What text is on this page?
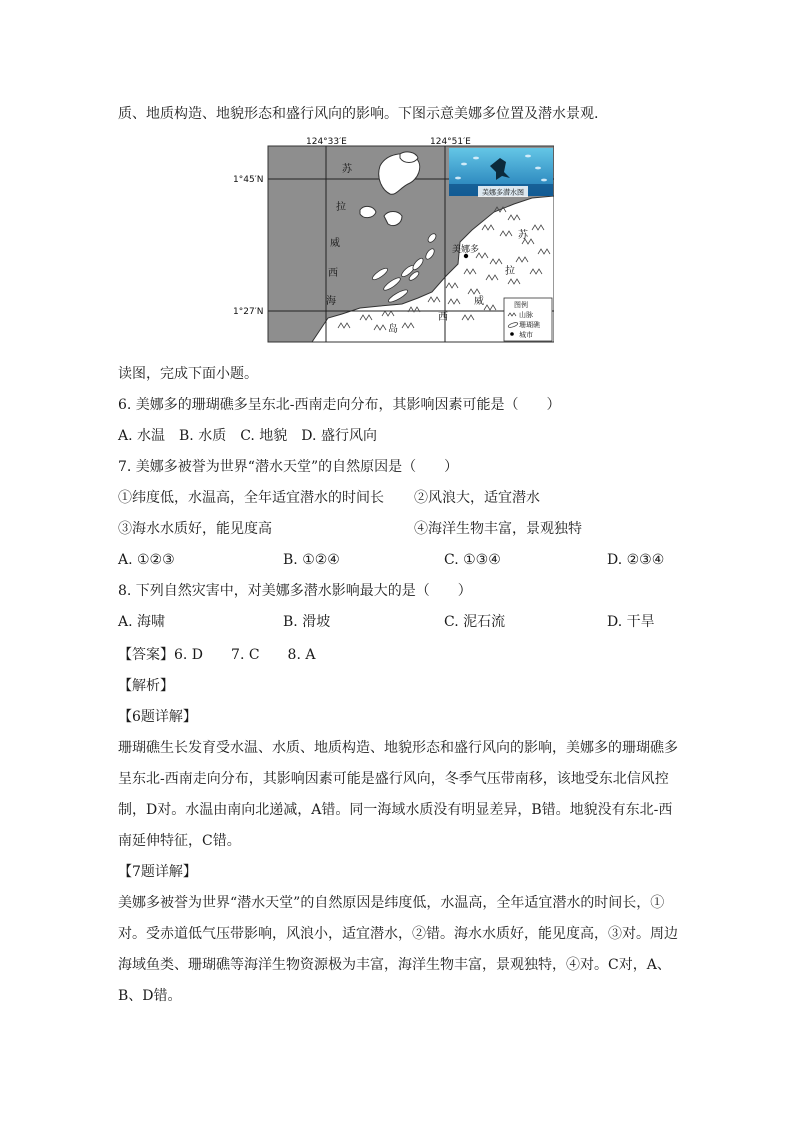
质、地质构造、地貌形态和盛行风向的影响。下图示意美娜多位置及潜水景观.
124°33′E	124°51′E
1°45′N
1°27′N
苏
拉
威
西
海
苏
拉
威
西
岛
美娜多
美娜多潜水图
图例
山脉
珊瑚礁
城市
读图，完成下面小题。
6. 美娜多的珊瑚礁多呈东北-西南走向分布，其影响因素可能是（　　）
A. 水温　B. 水质　C. 地貌　D. 盛行风向
7. 美娜多被誉为世界“潜水天堂”的自然原因是（　　）
①纬度低，水温高，全年适宜潜水的时间长 ②风浪大，适宜潜水
③海水水质好，能见度高	④海洋生物丰富，景观独特
A. ①②③	B. ①②④	C. ①③④	D. ②③④
8. 下列自然灾害中，对美娜多潜水影响最大的是（　　）
A. 海啸	B. 滑坡	C. 泥石流	D. 干旱
【答案】6. D　　7. C　　8. A
【解析】
【6题详解】
珊瑚礁生长发育受水温、水质、地质构造、地貌形态和盛行风向的影响，美娜多的珊瑚礁多呈东北-西南走向分布，其影响因素可能是盛行风向，冬季气压带南移，该地受东北信风控制，D对。水温由南向北递减，A错。同一海域水质没有明显差异，B错。地貌没有东北-西南延伸特征，C错。
【7题详解】
美娜多被誉为世界“潜水天堂”的自然原因是纬度低，水温高，全年适宜潜水的时间长，①对。受赤道低气压带影响，风浪小，适宜潜水，②错。海水水质好，能见度高，③对。周边海域鱼类、珊瑚礁等海洋生物资源极为丰富，海洋生物丰富，景观独特，④对。C对，A、B、D错。
